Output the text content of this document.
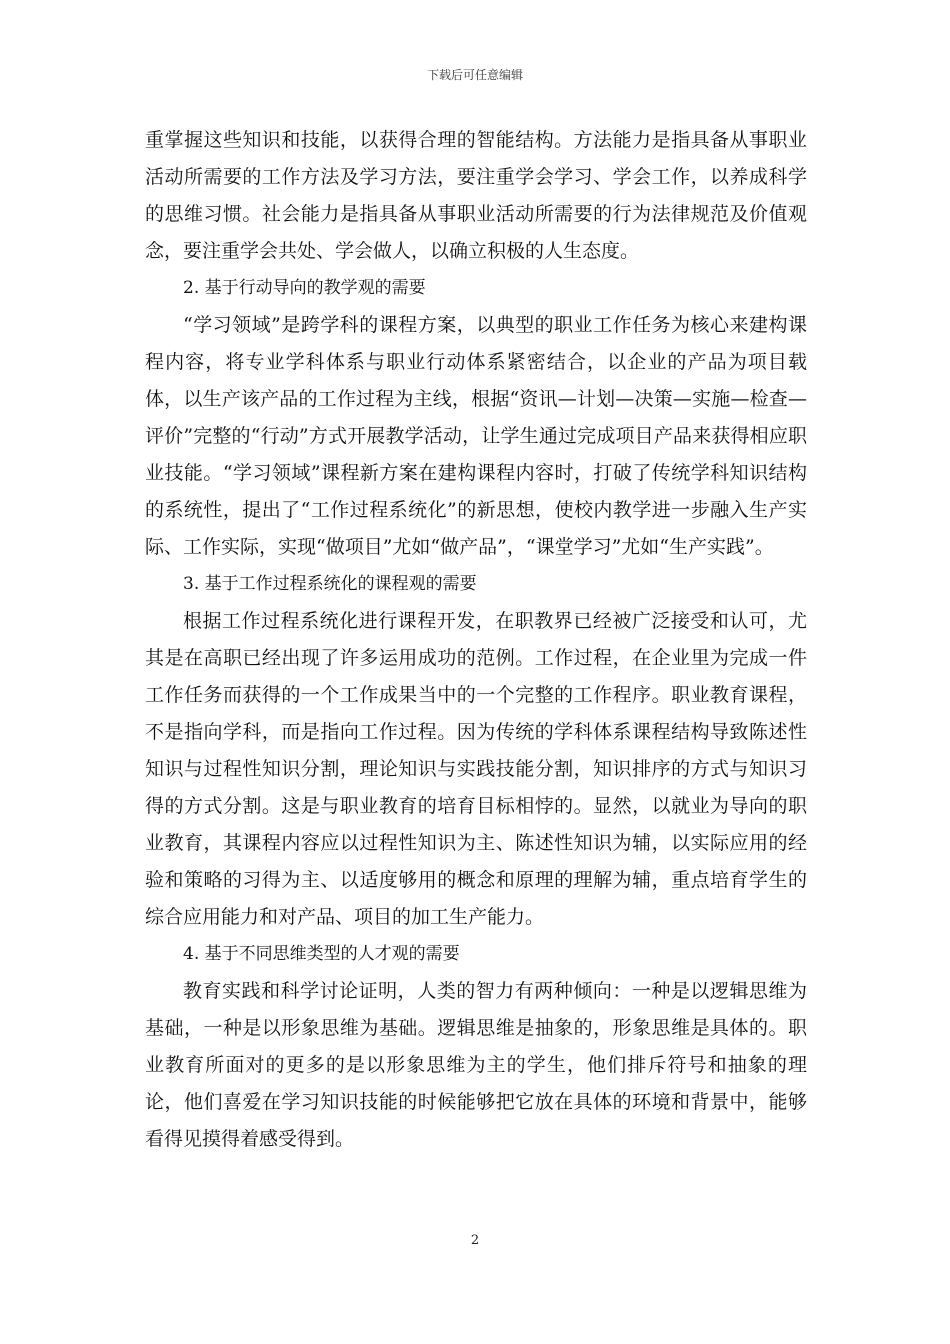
下载后可任意编辑

重掌握这些知识和技能，以获得合理的智能结构。方法能力是指具备从事职业活动所需要的工作方法及学习方法，要注重学会学习、学会工作，以养成科学的思维习惯。社会能力是指具备从事职业活动所需要的行为法律规范及价值观念，要注重学会共处、学会做人，以确立积极的人生态度。

2. 基于行动导向的教学观的需要

“学习领域”是跨学科的课程方案，以典型的职业工作任务为核心来建构课程内容，将专业学科体系与职业行动体系紧密结合，以企业的产品为项目载体，以生产该产品的工作过程为主线，根据“资讯—计划—决策—实施—检查—评价”完整的“行动”方式开展教学活动，让学生通过完成项目产品来获得相应职业技能。“学习领域”课程新方案在建构课程内容时，打破了传统学科知识结构的系统性，提出了“工作过程系统化”的新思想，使校内教学进一步融入生产实际、工作实际，实现“做项目”尤如“做产品”，“课堂学习”尤如“生产实践”。

3. 基于工作过程系统化的课程观的需要

根据工作过程系统化进行课程开发，在职教界已经被广泛接受和认可，尤其是在高职已经出现了许多运用成功的范例。工作过程，在企业里为完成一件工作任务而获得的一个工作成果当中的一个完整的工作程序。职业教育课程，不是指向学科，而是指向工作过程。因为传统的学科体系课程结构导致陈述性知识与过程性知识分割，理论知识与实践技能分割，知识排序的方式与知识习得的方式分割。这是与职业教育的培育目标相悖的。显然，以就业为导向的职业教育，其课程内容应以过程性知识为主、陈述性知识为辅，以实际应用的经验和策略的习得为主、以适度够用的概念和原理的理解为辅，重点培育学生的综合应用能力和对产品、项目的加工生产能力。

4. 基于不同思维类型的人才观的需要

教育实践和科学讨论证明，人类的智力有两种倾向：一种是以逻辑思维为基础，一种是以形象思维为基础。逻辑思维是抽象的，形象思维是具体的。职业教育所面对的更多的是以形象思维为主的学生，他们排斥符号和抽象的理论，他们喜爱在学习知识技能的时候能够把它放在具体的环境和背景中，能够看得见摸得着感受得到。

2
